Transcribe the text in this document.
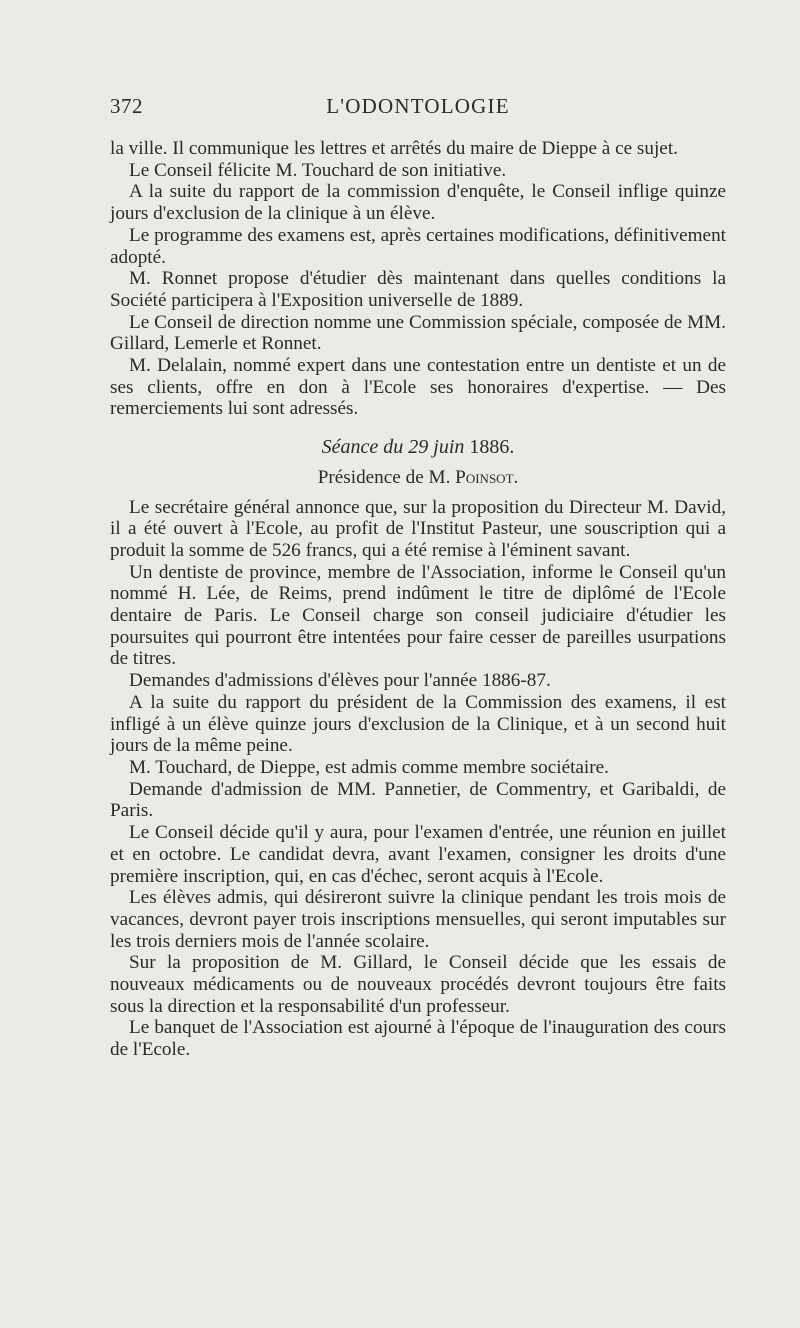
372	L'ODONTOLOGIE

la ville. Il communique les lettres et arrêtés du maire de Dieppe à ce sujet.

Le Conseil félicite M. Touchard de son initiative.

A la suite du rapport de la commission d'enquête, le Conseil inflige quinze jours d'exclusion de la clinique à un élève.

Le programme des examens est, après certaines modifications, définitivement adopté.

M. Ronnet propose d'étudier dès maintenant dans quelles conditions la Société participera à l'Exposition universelle de 1889.

Le Conseil de direction nomme une Commission spéciale, composée de MM. Gillard, Lemerle et Ronnet.

M. Delalain, nommé expert dans une contestation entre un dentiste et un de ses clients, offre en don à l'Ecole ses honoraires d'expertise. — Des remerciements lui sont adressés.

Séance du 29 juin 1886.

Présidence de M. Poinsot.

Le secrétaire général annonce que, sur la proposition du Directeur M. David, il a été ouvert à l'Ecole, au profit de l'Institut Pasteur, une souscription qui a produit la somme de 526 francs, qui a été remise à l'éminent savant.

Un dentiste de province, membre de l'Association, informe le Conseil qu'un nommé H. Lée, de Reims, prend indûment le titre de diplômé de l'Ecole dentaire de Paris. Le Conseil charge son conseil judiciaire d'étudier les poursuites qui pourront être intentées pour faire cesser de pareilles usurpations de titres.

Demandes d'admissions d'élèves pour l'année 1886-87.

A la suite du rapport du président de la Commission des examens, il est infligé à un élève quinze jours d'exclusion de la Clinique, et à un second huit jours de la même peine.

M. Touchard, de Dieppe, est admis comme membre sociétaire.

Demande d'admission de MM. Pannetier, de Commentry, et Garibaldi, de Paris.

Le Conseil décide qu'il y aura, pour l'examen d'entrée, une réunion en juillet et en octobre. Le candidat devra, avant l'examen, consigner les droits d'une première inscription, qui, en cas d'échec, seront acquis à l'Ecole.

Les élèves admis, qui désireront suivre la clinique pendant les trois mois de vacances, devront payer trois inscriptions mensuelles, qui seront imputables sur les trois derniers mois de l'année scolaire.

Sur la proposition de M. Gillard, le Conseil décide que les essais de nouveaux médicaments ou de nouveaux procédés devront toujours être faits sous la direction et la responsabilité d'un professeur.

Le banquet de l'Association est ajourné à l'époque de l'inauguration des cours de l'Ecole.
